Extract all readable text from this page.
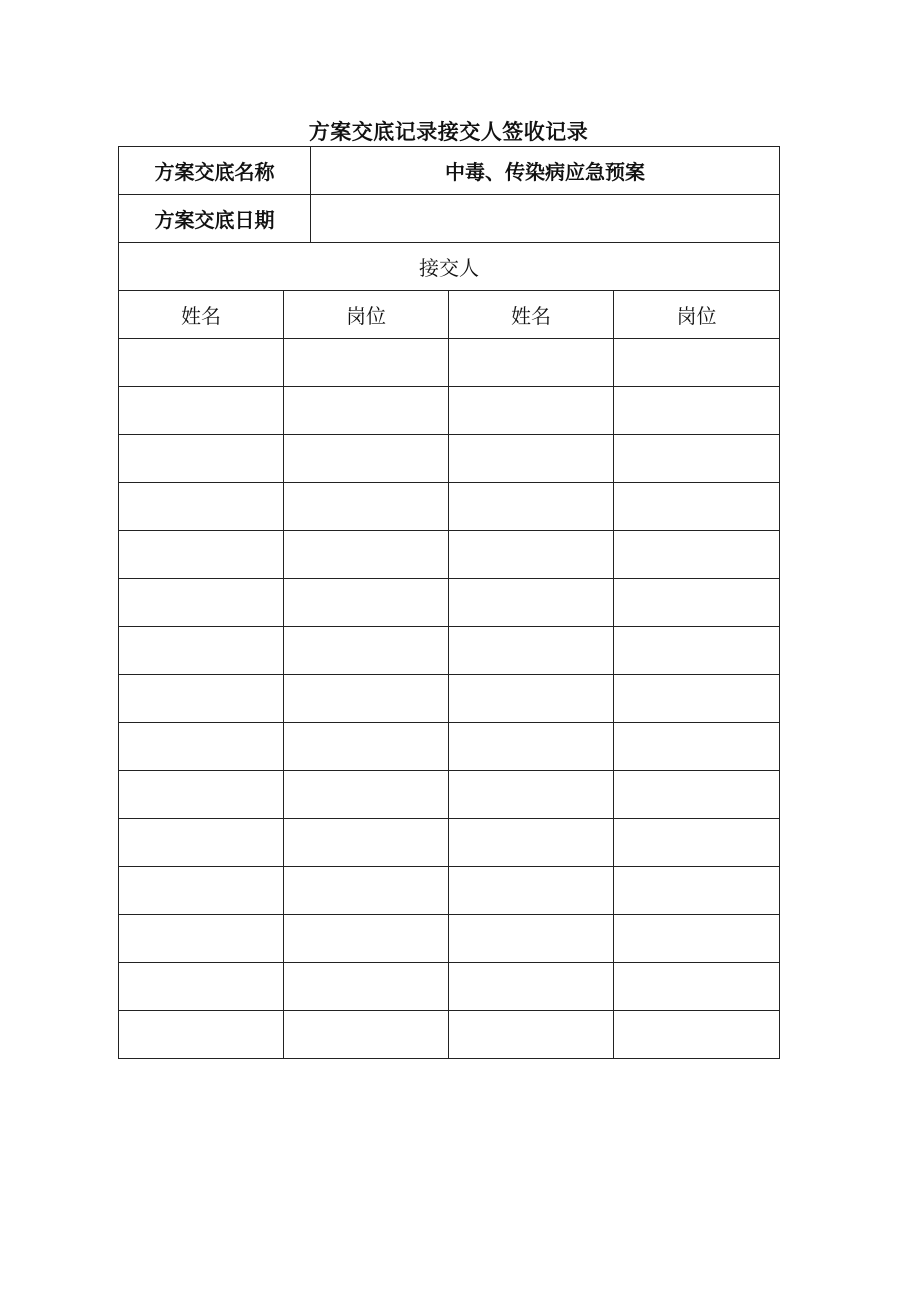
方案交底记录接交人签收记录
方案交底名称		中毒、传染病应急预案		
方案交底日期				
接交人				
姓名	岗位		姓名	岗位
